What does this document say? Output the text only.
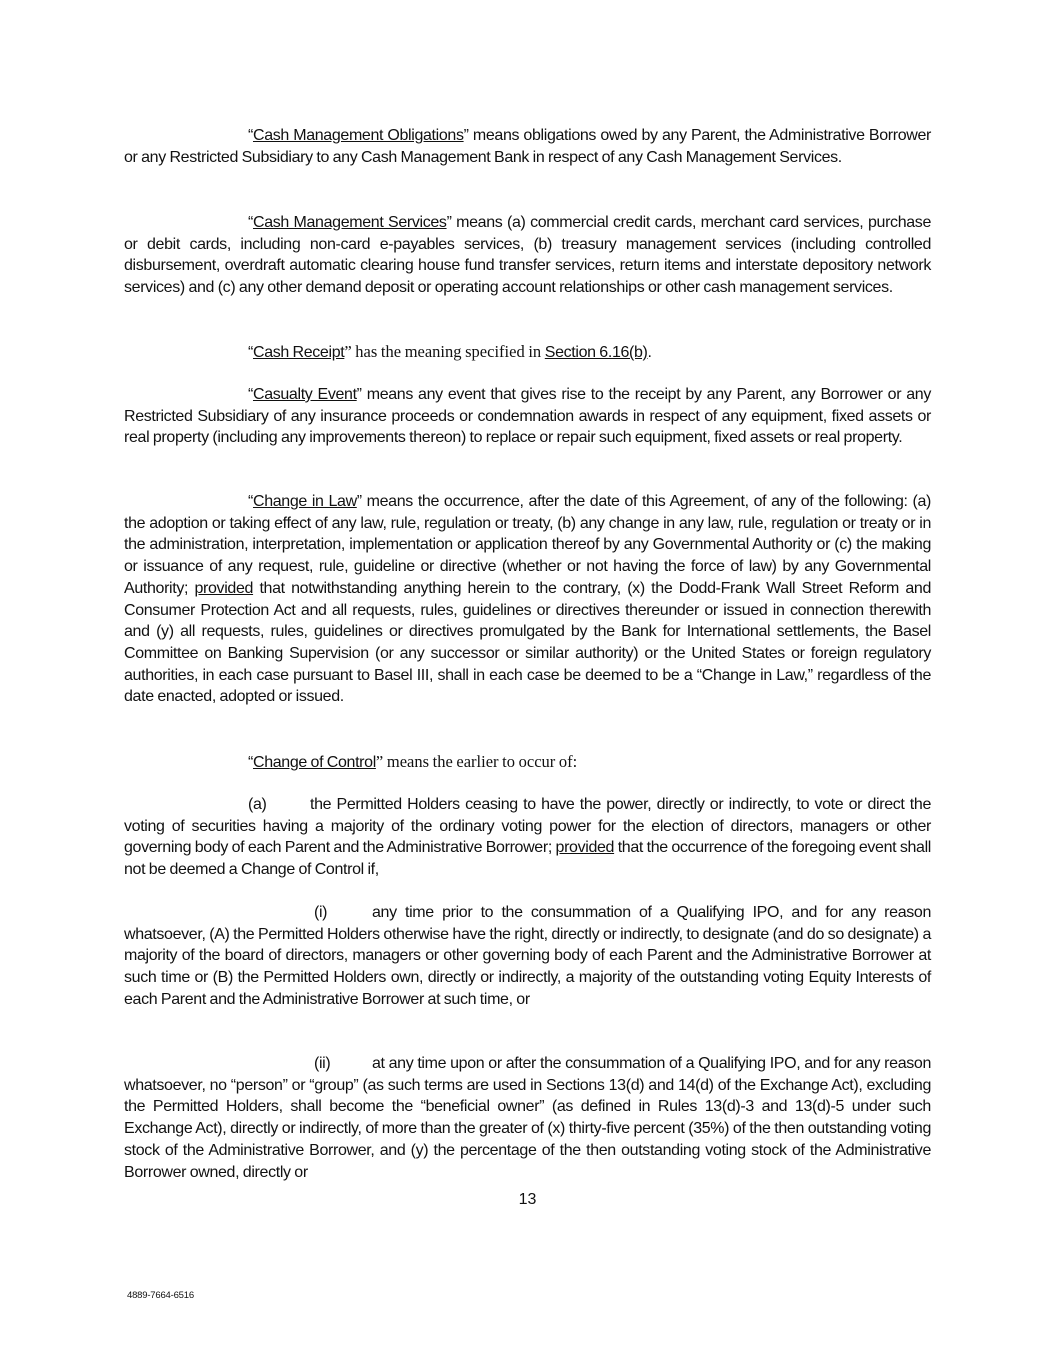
“Cash Management Obligations” means obligations owed by any Parent, the Administrative Borrower or any Restricted Subsidiary to any Cash Management Bank in respect of any Cash Management Services.
“Cash Management Services” means (a) commercial credit cards, merchant card services, purchase or debit cards, including non-card e-payables services, (b) treasury management services (including controlled disbursement, overdraft automatic clearing house fund transfer services, return items and interstate depository network services) and (c) any other demand deposit or operating account relationships or other cash management services.
“Cash Receipt” has the meaning specified in Section 6.16(b).
“Casualty Event” means any event that gives rise to the receipt by any Parent, any Borrower or any Restricted Subsidiary of any insurance proceeds or condemnation awards in respect of any equipment, fixed assets or real property (including any improvements thereon) to replace or repair such equipment, fixed assets or real property.
“Change in Law” means the occurrence, after the date of this Agreement, of any of the following: (a) the adoption or taking effect of any law, rule, regulation or treaty, (b) any change in any law, rule, regulation or treaty or in the administration, interpretation, implementation or application thereof by any Governmental Authority or (c) the making or issuance of any request, rule, guideline or directive (whether or not having the force of law) by any Governmental Authority; provided that notwithstanding anything herein to the contrary, (x) the Dodd-Frank Wall Street Reform and Consumer Protection Act and all requests, rules, guidelines or directives thereunder or issued in connection therewith and (y) all requests, rules, guidelines or directives promulgated by the Bank for International settlements, the Basel Committee on Banking Supervision (or any successor or similar authority) or the United States or foreign regulatory authorities, in each case pursuant to Basel III, shall in each case be deemed to be a “Change in Law,” regardless of the date enacted, adopted or issued.
“Change of Control” means the earlier to occur of:
(a)	the Permitted Holders ceasing to have the power, directly or indirectly, to vote or direct the voting of securities having a majority of the ordinary voting power for the election of directors, managers or other governing body of each Parent and the Administrative Borrower; provided that the occurrence of the foregoing event shall not be deemed a Change of Control if,
(i)	any time prior to the consummation of a Qualifying IPO, and for any reason whatsoever, (A) the Permitted Holders otherwise have the right, directly or indirectly, to designate (and do so designate) a majority of the board of directors, managers or other governing body of each Parent and the Administrative Borrower at such time or (B) the Permitted Holders own, directly or indirectly, a majority of the outstanding voting Equity Interests of each Parent and the Administrative Borrower at such time, or
(ii)	at any time upon or after the consummation of a Qualifying IPO, and for any reason whatsoever, no “person” or “group” (as such terms are used in Sections 13(d) and 14(d) of the Exchange Act), excluding the Permitted Holders, shall become the “beneficial owner” (as defined in Rules 13(d)-3 and 13(d)-5 under such Exchange Act), directly or indirectly, of more than the greater of (x) thirty-five percent (35%) of the then outstanding voting stock of the Administrative Borrower, and (y) the percentage of the then outstanding voting stock of the Administrative Borrower owned, directly or
13
4889-7664-6516
